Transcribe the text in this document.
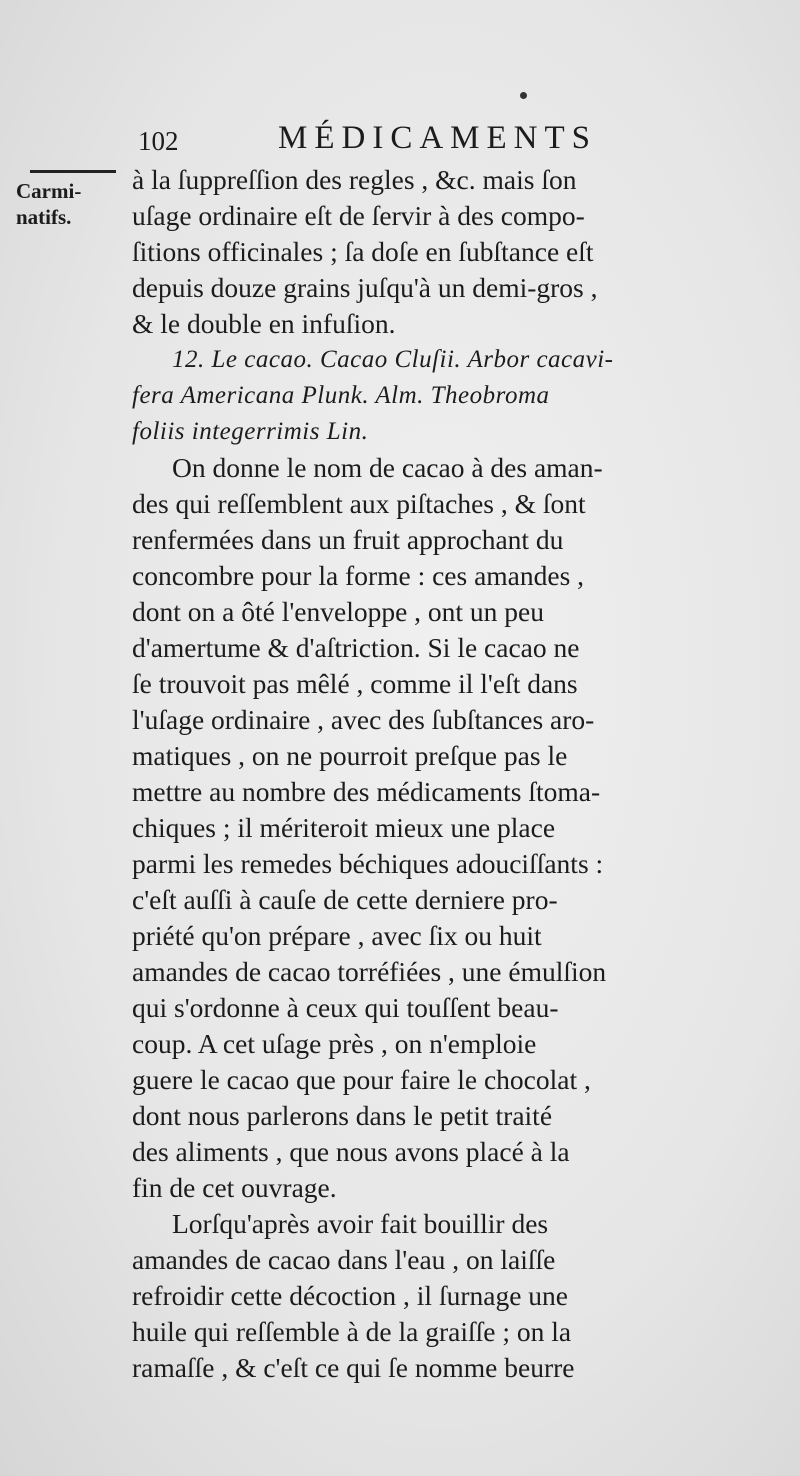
102	MÉDICAMENTS
Carmi-
natifs.
à la ſuppreſſion des regles , &c. mais ſon
uſage ordinaire eſt de ſervir à des compo-
ſitions officinales ; ſa doſe en ſubſtance eſt
depuis douze grains juſqu'à un demi-gros ,
& le double en infuſion.
12. Le cacao. Cacao Cluſii. Arbor cacavi-
fera Americana Plunk. Alm. Theobroma
foliis integerrimis Lin.
On donne le nom de cacao à des aman-
des qui reſſemblent aux piſtaches , & ſont
renfermées dans un fruit approchant du
concombre pour la forme : ces amandes ,
dont on a ôté l'enveloppe , ont un peu
d'amertume & d'aſtriction. Si le cacao ne
ſe trouvoit pas mêlé , comme il l'eſt dans
l'uſage ordinaire , avec des ſubſtances aro-
matiques , on ne pourroit preſque pas le
mettre au nombre des médicaments ſtoma-
chiques ; il mériteroit mieux une place
parmi les remedes béchiques adouciſſants :
c'eſt auſſi à cauſe de cette derniere pro-
priété qu'on prépare , avec ſix ou huit
amandes de cacao torréfiées , une émulſion
qui s'ordonne à ceux qui touſſent beau-
coup. A cet uſage près , on n'emploie
guere le cacao que pour faire le chocolat ,
dont nous parlerons dans le petit traité
des aliments , que nous avons placé à la
fin de cet ouvrage.
Lorſqu'après avoir fait bouillir des
amandes de cacao dans l'eau , on laiſſe
refroidir cette décoction , il ſurnage une
huile qui reſſemble à de la graiſſe ; on la
ramaſſe , & c'eſt ce qui ſe nomme beurre
